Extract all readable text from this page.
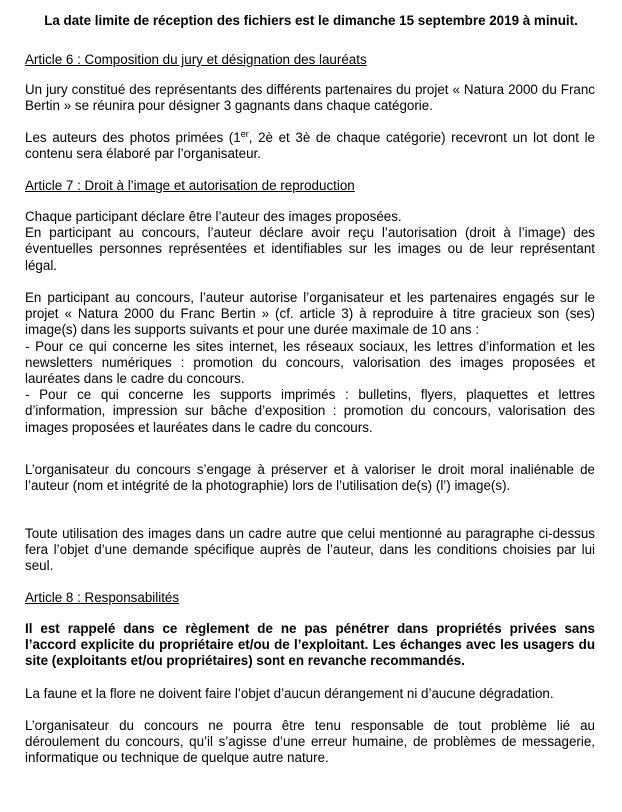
La date limite de réception des fichiers est le dimanche 15 septembre 2019 à minuit.

Article 6 : Composition du jury et désignation des lauréats

Un jury constitué des représentants des différents partenaires du projet « Natura 2000 du Franc Bertin » se réunira pour désigner 3 gagnants dans chaque catégorie.

Les auteurs des photos primées (1er, 2è et 3è de chaque catégorie) recevront un lot dont le contenu sera élaboré par l’organisateur.

Article 7 : Droit à l’image et autorisation de reproduction

Chaque participant déclare être l’auteur des images proposées.
En participant au concours, l’auteur déclare avoir reçu l’autorisation (droit à l’image) des éventuelles personnes représentées et identifiables sur les images ou de leur représentant légal.
En participant au concours, l’auteur autorise l’organisateur et les partenaires engagés sur le projet « Natura 2000 du Franc Bertin » (cf. article 3) à reproduire à titre gracieux son (ses) image(s) dans les supports suivants et pour une durée maximale de 10 ans :
- Pour ce qui concerne les sites internet, les réseaux sociaux, les lettres d’information et les newsletters numériques : promotion du concours, valorisation des images proposées et lauréates dans le cadre du concours.
- Pour ce qui concerne les supports imprimés : bulletins, flyers, plaquettes et lettres d’information, impression sur bâche d’exposition : promotion du concours, valorisation des images proposées et lauréates dans le cadre du concours.

L’organisateur du concours s’engage à préserver et à valoriser le droit moral inaliénable de l’auteur (nom et intégrité de la photographie) lors de l’utilisation de(s) (l’) image(s).

Toute utilisation des images dans un cadre autre que celui mentionné au paragraphe ci-dessus fera l’objet d’une demande spécifique auprès de l’auteur, dans les conditions choisies par lui seul.

Article 8 : Responsabilités

Il est rappelé dans ce règlement de ne pas pénétrer dans propriétés privées sans l’accord explicite du propriétaire et/ou de l’exploitant. Les échanges avec les usagers du site (exploitants et/ou propriétaires) sont en revanche recommandés.

La faune et la flore ne doivent faire l’objet d’aucun dérangement ni d’aucune dégradation.

L’organisateur du concours ne pourra être tenu responsable de tout problème lié au déroulement du concours, qu’il s’agisse d’une erreur humaine, de problèmes de messagerie, informatique ou technique de quelque autre nature.
